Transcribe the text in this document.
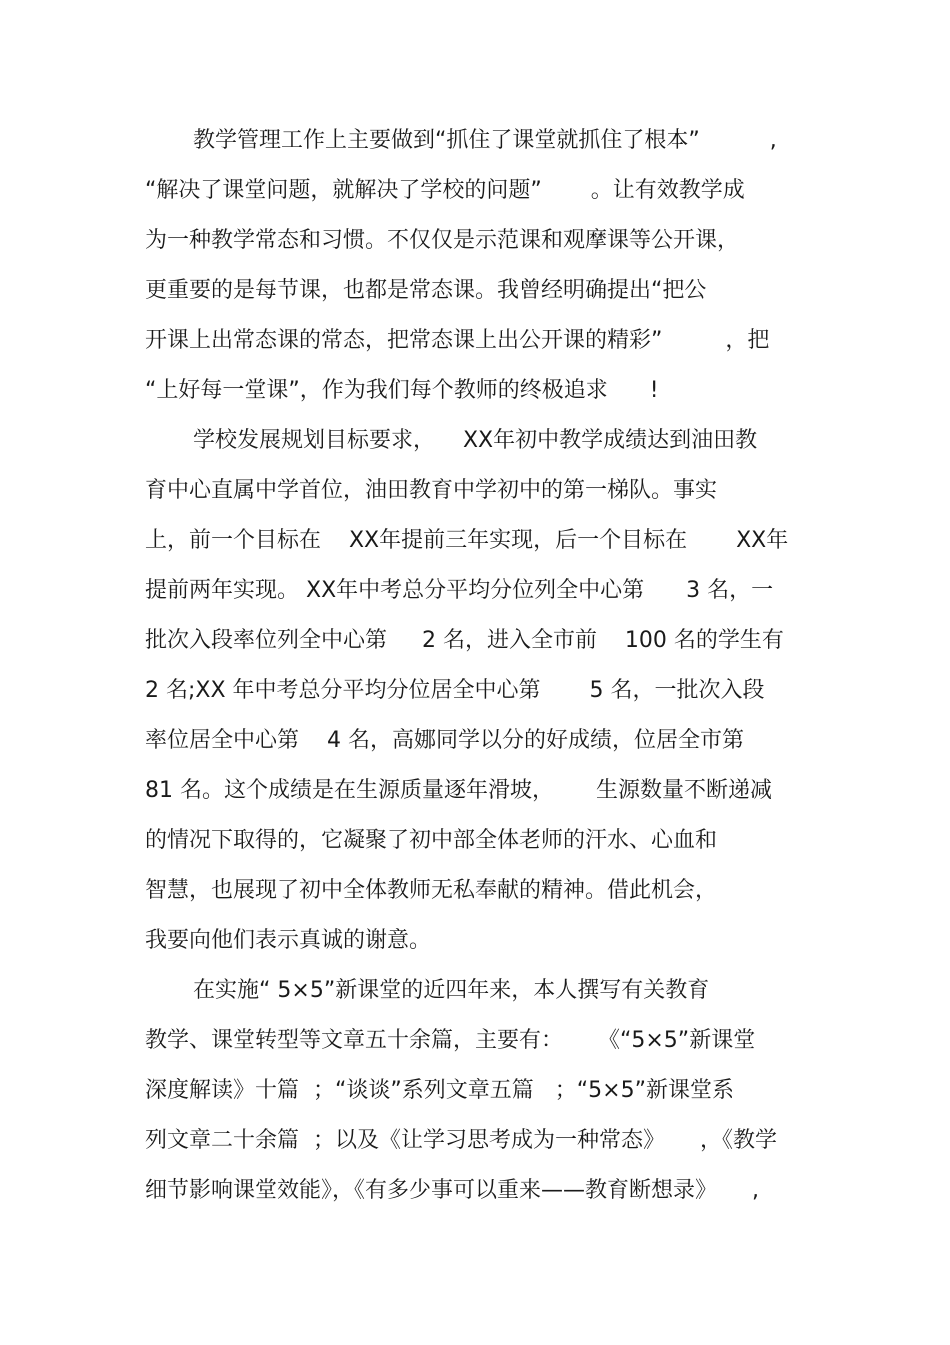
教学管理工作上主要做到“抓住了课堂就抓住了根本”          ,
“解决了课堂问题，就解决了学校的问题”       。让有效教学成
为一种教学常态和习惯。不仅仅是示范课和观摩课等公开课，
更重要的是每节课，也都是常态课。我曾经明确提出“把公
开课上出常态课的常态，把常态课上出公开课的精彩”         ，把
“上好每一堂课”，作为我们每个教师的终极追求      !
学校发展规划目标要求，    XX年初中教学成绩达到油田教
育中心直属中学首位，油田教育中学初中的第一梯队。事实
上，前一个目标在    XX年提前三年实现，后一个目标在       XX年
提前两年实现。 XX年中考总分平均分位列全中心第      3 名，一
批次入段率位列全中心第     2 名，进入全市前    100 名的学生有
2 名;XX 年中考总分平均分位居全中心第       5 名，一批次入段
率位居全中心第    4 名，高娜同学以分的好成绩，位居全市第
81 名。这个成绩是在生源质量逐年滑坡，      生源数量不断递减
的情况下取得的，它凝聚了初中部全体老师的汗水、心血和
智慧，也展现了初中全体教师无私奉献的精神。借此机会，
我要向他们表示真诚的谢意。
在实施“ 5×5”新课堂的近四年来，本人撰写有关教育
教学、课堂转型等文章五十余篇，主要有：     《“5×5”新课堂
深度解读》十篇  ；“谈谈”系列文章五篇   ；“5×5”新课堂系
列文章二十余篇  ；以及《让学习思考成为一种常态》     ，《教学
细节影响课堂效能》，《有多少事可以重来——教育断想录》     ,
